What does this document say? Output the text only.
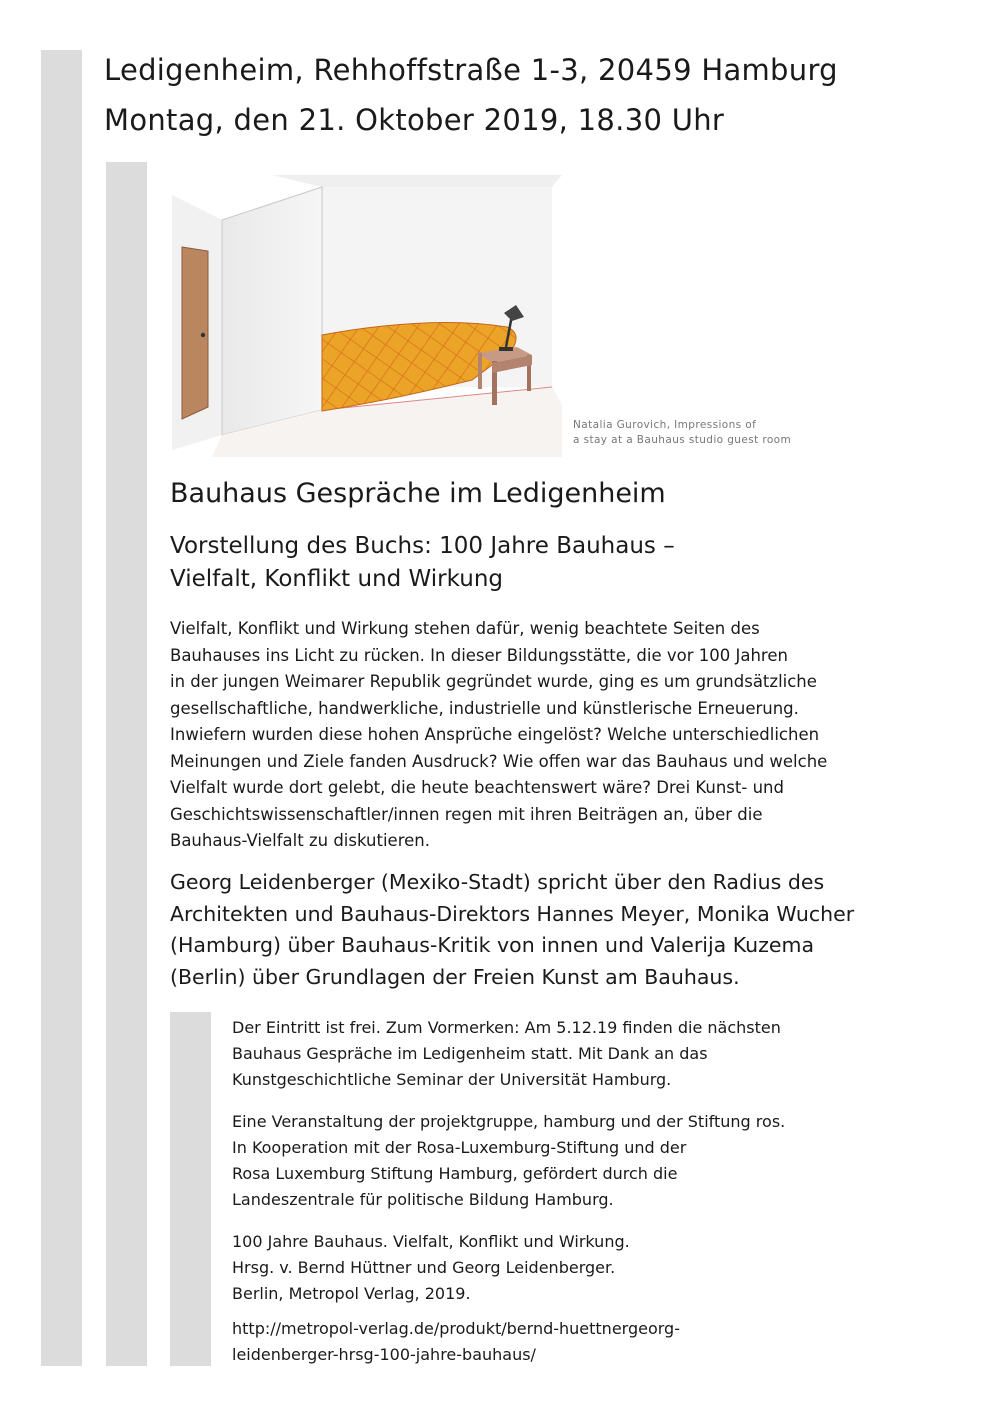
Ledigenheim, Rehhoffstraße 1-3, 20459 Hamburg
Montag, den 21. Oktober 2019, 18.30 Uhr
Natalia Gurovich, Impressions of
a stay at a Bauhaus studio guest room
Bauhaus Gespräche im Ledigenheim
Vorstellung des Buchs: 100 Jahre Bauhaus –
Vielfalt, Konflikt und Wirkung
Vielfalt, Konflikt und Wirkung stehen dafür, wenig beachtete Seiten des
Bauhauses ins Licht zu rücken. In dieser Bildungsstätte, die vor 100 Jahren
in der jungen Weimarer Republik gegründet wurde, ging es um grundsätzliche
gesellschaftliche, handwerkliche, industrielle und künstlerische Erneuerung.
Inwiefern wurden diese hohen Ansprüche eingelöst? Welche unterschiedlichen
Meinungen und Ziele fanden Ausdruck? Wie offen war das Bauhaus und welche
Vielfalt wurde dort gelebt, die heute beachtenswert wäre? Drei Kunst- und
Geschichtswissenschaftler/innen regen mit ihren Beiträgen an, über die
Bauhaus-Vielfalt zu diskutieren.
Georg Leidenberger (Mexiko-Stadt) spricht über den Radius des
Architekten und Bauhaus-Direktors Hannes Meyer, Monika Wucher
(Hamburg) über Bauhaus-Kritik von innen und Valerija Kuzema
(Berlin) über Grundlagen der Freien Kunst am Bauhaus.
Der Eintritt ist frei. Zum Vormerken: Am 5.12.19 finden die nächsten
Bauhaus Gespräche im Ledigenheim statt. Mit Dank an das
Kunstgeschichtliche Seminar der Universität Hamburg.
Eine Veranstaltung der projektgruppe, hamburg und der Stiftung ros.
In Kooperation mit der Rosa-Luxemburg-Stiftung und der
Rosa Luxemburg Stiftung Hamburg, gefördert durch die
Landeszentrale für politische Bildung Hamburg.
100 Jahre Bauhaus. Vielfalt, Konflikt und Wirkung.
Hrsg. v. Bernd Hüttner und Georg Leidenberger.
Berlin, Metropol Verlag, 2019.
http://metropol-verlag.de/produkt/bernd-huettnergeorg-
leidenberger-hrsg-100-jahre-bauhaus/
